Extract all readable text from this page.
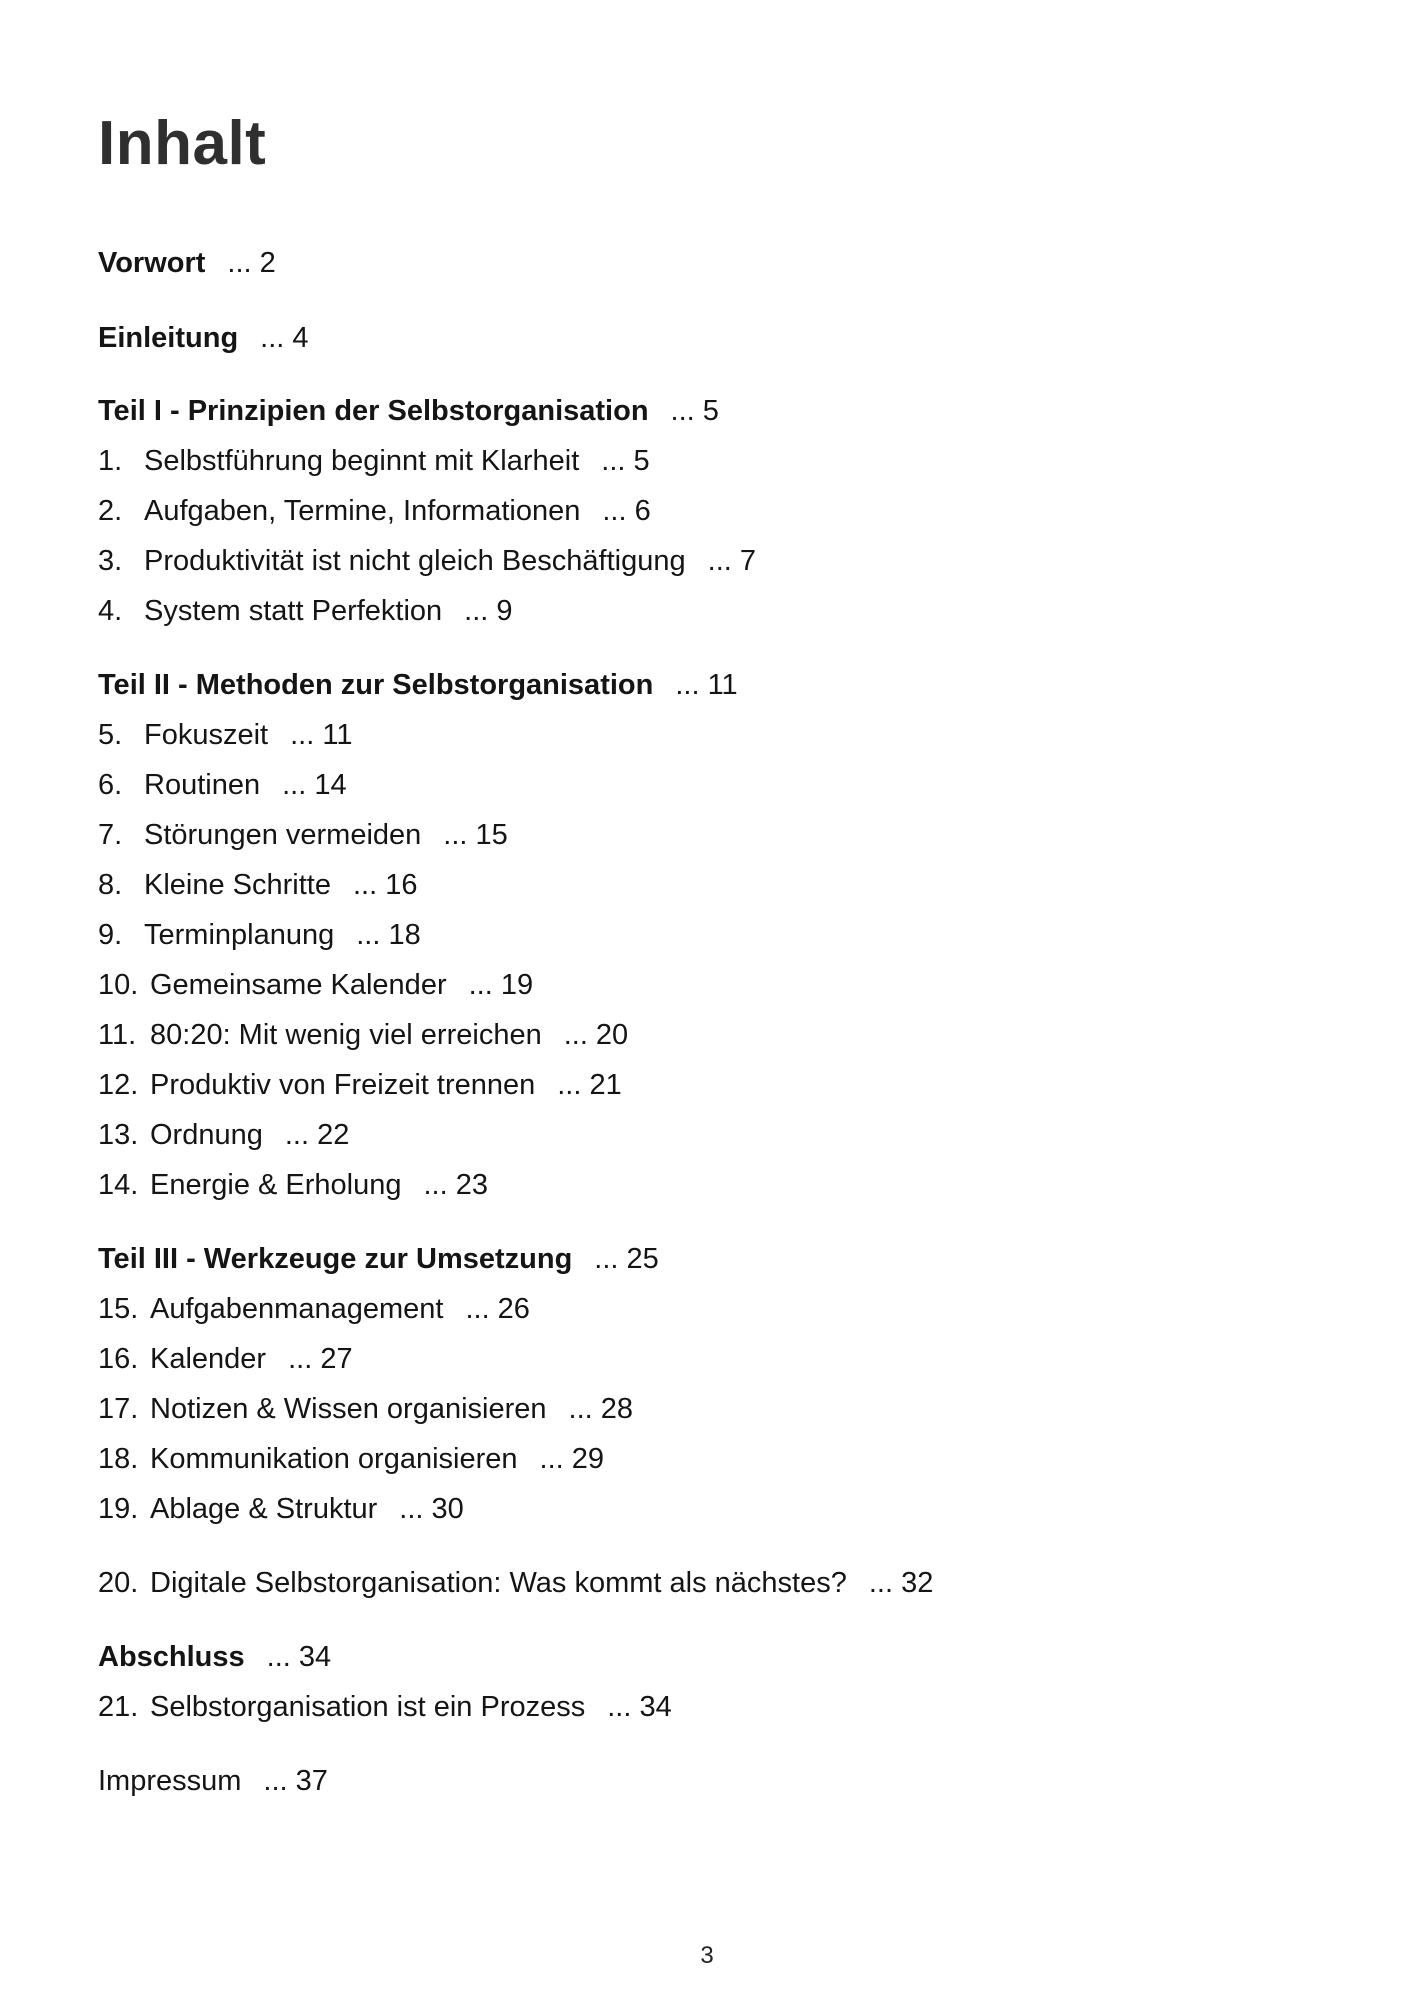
Inhalt
Vorwort ... 2
Einleitung ... 4
Teil I - Prinzipien der Selbstorganisation ... 5
1. Selbstführung beginnt mit Klarheit ... 5
2. Aufgaben, Termine, Informationen ... 6
3. Produktivität ist nicht gleich Beschäftigung ... 7
4. System statt Perfektion ... 9
Teil II - Methoden zur Selbstorganisation ... 11
5. Fokuszeit ... 11
6. Routinen ... 14
7. Störungen vermeiden ... 15
8. Kleine Schritte ... 16
9. Terminplanung ... 18
10. Gemeinsame Kalender ... 19
11. 80:20: Mit wenig viel erreichen ... 20
12. Produktiv von Freizeit trennen ... 21
13. Ordnung ... 22
14. Energie & Erholung ... 23
Teil III - Werkzeuge zur Umsetzung ... 25
15. Aufgabenmanagement ... 26
16. Kalender ... 27
17. Notizen & Wissen organisieren ... 28
18. Kommunikation organisieren ... 29
19. Ablage & Struktur ... 30
20. Digitale Selbstorganisation: Was kommt als nächstes? ... 32
Abschluss ... 34
21. Selbstorganisation ist ein Prozess ... 34
Impressum ... 37
3
